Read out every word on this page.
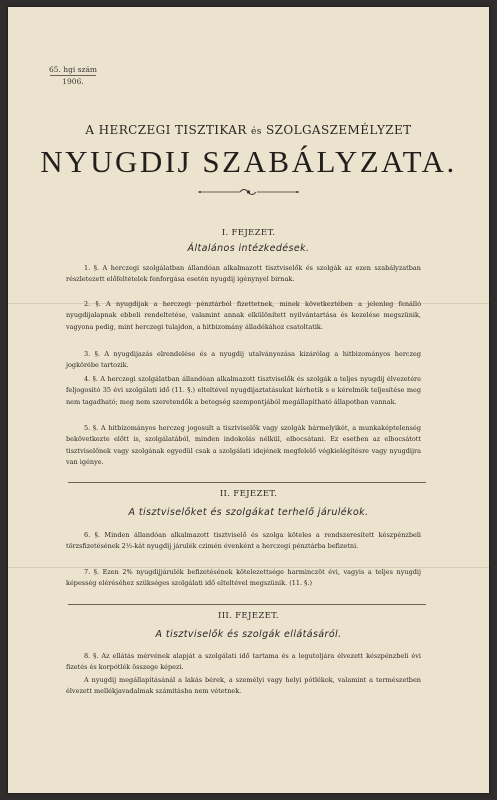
65. hgi szám
1906.
A HERCZEGI TISZTIKAR és SZOLGASZEMÉLYZET
NYUGDIJ SZABÁLYZATA.
I. FEJEZET.
Általános intézkedések.
1. §. A herczegi szolgálatban állandóan alkalmazott tisztviselők és szolgák az ezen szabályzatban részletezett előfeltételek fenforgása esetén nyugdij igénynyel birnak.
2. §. A nyugdijak a herczegi pénztárból fizettetnek, minek következtében a jelenleg fenálló nyugdijalapnak ebbeli rendeltetése, valamint annak elkülönített nyilvántartása és kezelése megszünik, vagyona pedig, mint herczegi tulajdon, a hitbizomány álladékához csatoltatik.
3. §. A nyugdijazás elrendelése és a nyugdij utalványozása kizárólag a hitbizományos herczeg jogkörébe tartozik.
4. §. A herczegi szolgálatban állandóan alkalmazott tisztviselők és szolgák a teljes nyugdij élvezetére feljogositó 35 évi szolgálati idő (11. §.) elteltével nyugdijaztatásukat kérhetik s e kérelmök teljesítése meg nem tagadható; meg nem szeretendők a betegség szempontjából megállapítható állapotban vannak.
5. §. A hitbizományos herczeg jogosult a tisztviselők vagy szolgák bármelyikét, a munkaképtelenség bekövetkezte előtt is, szolgálatából, minden indokolás nélkül, elbocsátani. Ez esetben az elbocsátott tisztviselőnek vagy szolgának egyedül csak a szolgálati idejének megfelelő végkielégítésre vagy nyugdijra van igénye.
II. FEJEZET.
A tisztviselőket és szolgákat terhelő járulékok.
6. §. Minden állandóan alkalmazott tisztviselő és szolga köteles a rendszeresített készpénzbeli törzsfizetésének 2½-kát nyugdij járulék czimén évenként a herczegi pénztárba befizetni.
7. §. Ezen 2% nyugdijjárulék befizetésének kötelezettsége harminczöt évi, vagyis a teljes nyugdij képesség eléréséhez szükséges szolgálati idő elteltével megszünik. (11. §.)
III. FEJEZET.
A tisztviselők és szolgák ellátásáról.
8. §. Az ellátás mérvének alapját a szolgálati idő tartama és a legutoljára élvezett készpénzbeli évi fizetés és korpótlék összege képezi.
A nyugdij megállapításánál a lakás bérek, a személyi vagy helyi pótlékok, valamint a természetben élvezett mellékjavadalmak számitásba nem vétetnek.
